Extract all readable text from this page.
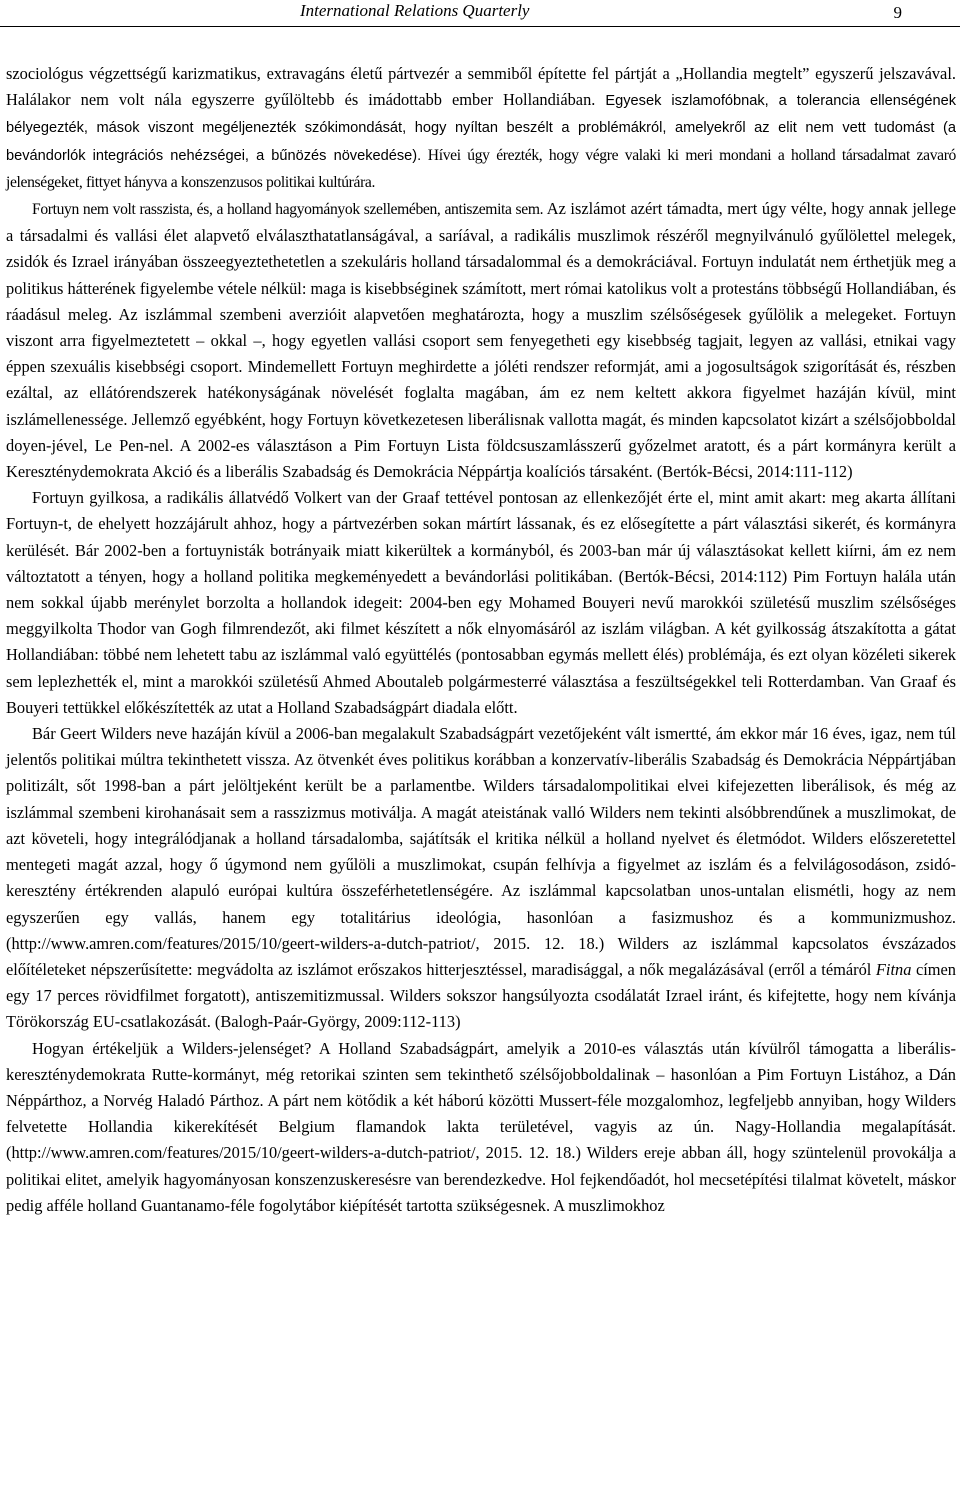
International Relations Quarterly	9

szociológus végzettségű karizmatikus, extravagáns életű pártvezér a semmiből építette fel pártját a „Hollandia megtelt” egyszerű jelszavával. Halálakor nem volt nála egyszerre gyűlöltebb és imádottabb ember Hollandiában. Egyesek iszlamofóbnak, a tolerancia ellenségének bélyegezték, mások viszont megéljenezték szókimondását, hogy nyíltan beszélt a problémákról, amelyekről az elit nem vett tudomást (a bevándorlók integrációs nehézségei, a bűnözés növekedése). Hívei úgy érezték, hogy végre valaki ki meri mondani a holland társadalmat zavaró jelenségeket, fittyet hányva a konszenzusos politikai kultúrára.

Fortuyn nem volt rasszista, és, a holland hagyományok szellemében, antiszemita sem. Az iszlámot azért támadta, mert úgy vélte, hogy annak jellege a társadalmi és vallási élet alapvető elválaszthatatlanságával, a saríával, a radikális muszlimok részéről megnyilvánuló gyűlölettel melegek, zsidók és Izrael irányában összeegyeztethetetlen a szekuláris holland társadalommal és a demokráciával. Fortuyn indulatát nem érthetjük meg a politikus hátterének figyelembe vétele nélkül: maga is kisebbséginek számított, mert római katolikus volt a protestáns többségű Hollandiában, és ráadásul meleg. Az iszlámmal szembeni averzióit alapvetően meghatározta, hogy a muszlim szélsőségesek gyűlölik a melegeket. Fortuyn viszont arra figyelmeztetett – okkal –, hogy egyetlen vallási csoport sem fenyegetheti egy kisebbség tagjait, legyen az vallási, etnikai vagy éppen szexuális kisebbségi csoport. Mindemellett Fortuyn meghirdette a jóléti rendszer reformját, ami a jogosultságok szigorítását és, részben ezáltal, az ellátórendszerek hatékonyságának növelését foglalta magában, ám ez nem keltett akkora figyelmet hazáján kívül, mint iszlámellenessége. Jellemző egyébként, hogy Fortuyn következetesen liberálisnak vallotta magát, és minden kapcsolatot kizárt a szélsőjobboldal doyen-jével, Le Pen-nel. A 2002-es választáson a Pim Fortuyn Lista földcsuszamlásszerű győzelmet aratott, és a párt kormányra került a Kereszténydemokrata Akció és a liberális Szabadság és Demokrácia Néppártja koalíciós társaként. (Bertók-Bécsi, 2014:111-112)

Fortuyn gyilkosa, a radikális állatvédő Volkert van der Graaf tettével pontosan az ellenkezőjét érte el, mint amit akart: meg akarta állítani Fortuyn-t, de ehelyett hozzájárult ahhoz, hogy a pártvezérben sokan mártírt lássanak, és ez elősegítette a párt választási sikerét, és kormányra kerülését. Bár 2002-ben a fortuynisták botrányaik miatt kikerültek a kormányból, és 2003-ban már új választásokat kellett kiírni, ám ez nem változtatott a tényen, hogy a holland politika megkeményedett a bevándorlási politikában. (Bertók-Bécsi, 2014:112) Pim Fortuyn halála után nem sokkal újabb merénylet borzolta a hollandok idegeit: 2004-ben egy Mohamed Bouyeri nevű marokkói születésű muszlim szélsőséges meggyilkolta Thodor van Gogh filmrendezőt, aki filmet készített a nők elnyomásáról az iszlám világban. A két gyilkosság átszakította a gátat Hollandiában: többé nem lehetett tabu az iszlámmal való együttélés (pontosabban egymás mellett élés) problémája, és ezt olyan közéleti sikerek sem leplezhették el, mint a marokkói születésű Ahmed Aboutaleb polgármesterré választása a feszültségekkel teli Rotterdamban. Van Graaf és Bouyeri tettükkel előkészítették az utat a Holland Szabadságpárt diadala előtt.

Bár Geert Wilders neve hazáján kívül a 2006-ban megalakult Szabadságpárt vezetőjeként vált ismertté, ám ekkor már 16 éves, igaz, nem túl jelentős politikai múltra tekinthetett vissza. Az ötvenkét éves politikus korábban a konzervatív-liberális Szabadság és Demokrácia Néppártjában politizált, sőt 1998-ban a párt jelöltjeként került be a parlamentbe. Wilders társadalompolitikai elvei kifejezetten liberálisok, és még az iszlámmal szembeni kirohanásait sem a rasszizmus motiválja. A magát ateistának valló Wilders nem tekinti alsóbbrendűnek a muszlimokat, de azt követeli, hogy integrálódjanak a holland társadalomba, sajátítsák el kritika nélkül a holland nyelvet és életmódot. Wilders előszeretettel mentegeti magát azzal, hogy ő úgymond nem gyűlöli a muszlimokat, csupán felhívja a figyelmet az iszlám és a felvilágosodáson, zsidó-keresztény értékrenden alapuló európai kultúra összeférhetetlenségére. Az iszlámmal kapcsolatban unos-untalan elismétli, hogy az nem egyszerűen egy vallás, hanem egy totalitárius ideológia, hasonlóan a fasizmushoz és a kommunizmushoz. (http://www.amren.com/features/2015/10/geert-wilders-a-dutch-patriot/, 2015. 12. 18.) Wilders az iszlámmal kapcsolatos évszázados előítéleteket népszerűsítette: megvádolta az iszlámot erőszakos hitterjesztéssel, maradisággal, a nők megalázásával (erről a témáról Fitna címen egy 17 perces rövidfilmet forgatott), antiszemitizmussal. Wilders sokszor hangsúlyozta csodálatát Izrael iránt, és kifejtette, hogy nem kívánja Törökország EU-csatlakozását. (Balogh-Paár-György, 2009:112-113)

Hogyan értékeljük a Wilders-jelenséget? A Holland Szabadságpárt, amelyik a 2010-es választás után kívülről támogatta a liberális-kereszténydemokrata Rutte-kormányt, még retorikai szinten sem tekinthető szélsőjobboldalinak – hasonlóan a Pim Fortuyn Listához, a Dán Néppárthoz, a Norvég Haladó Párthoz. A párt nem kötődik a két háború közötti Mussert-féle mozgalomhoz, legfeljebb annyiban, hogy Wilders felvetette Hollandia kikerekítését Belgium flamandok lakta területével, vagyis az ún. Nagy-Hollandia megalapítását. (http://www.amren.com/features/2015/10/geert-wilders-a-dutch-patriot/, 2015. 12. 18.) Wilders ereje abban áll, hogy szüntelenül provokálja a politikai elitet, amelyik hagyományosan konszenzuskeresésre van berendezkedve. Hol fejkendőadót, hol mecsetépítési tilalmat követelt, máskor pedig afféle holland Guantanamo-féle fogolytábor kiépítését tartotta szükségesnek. A muszlimokhoz
